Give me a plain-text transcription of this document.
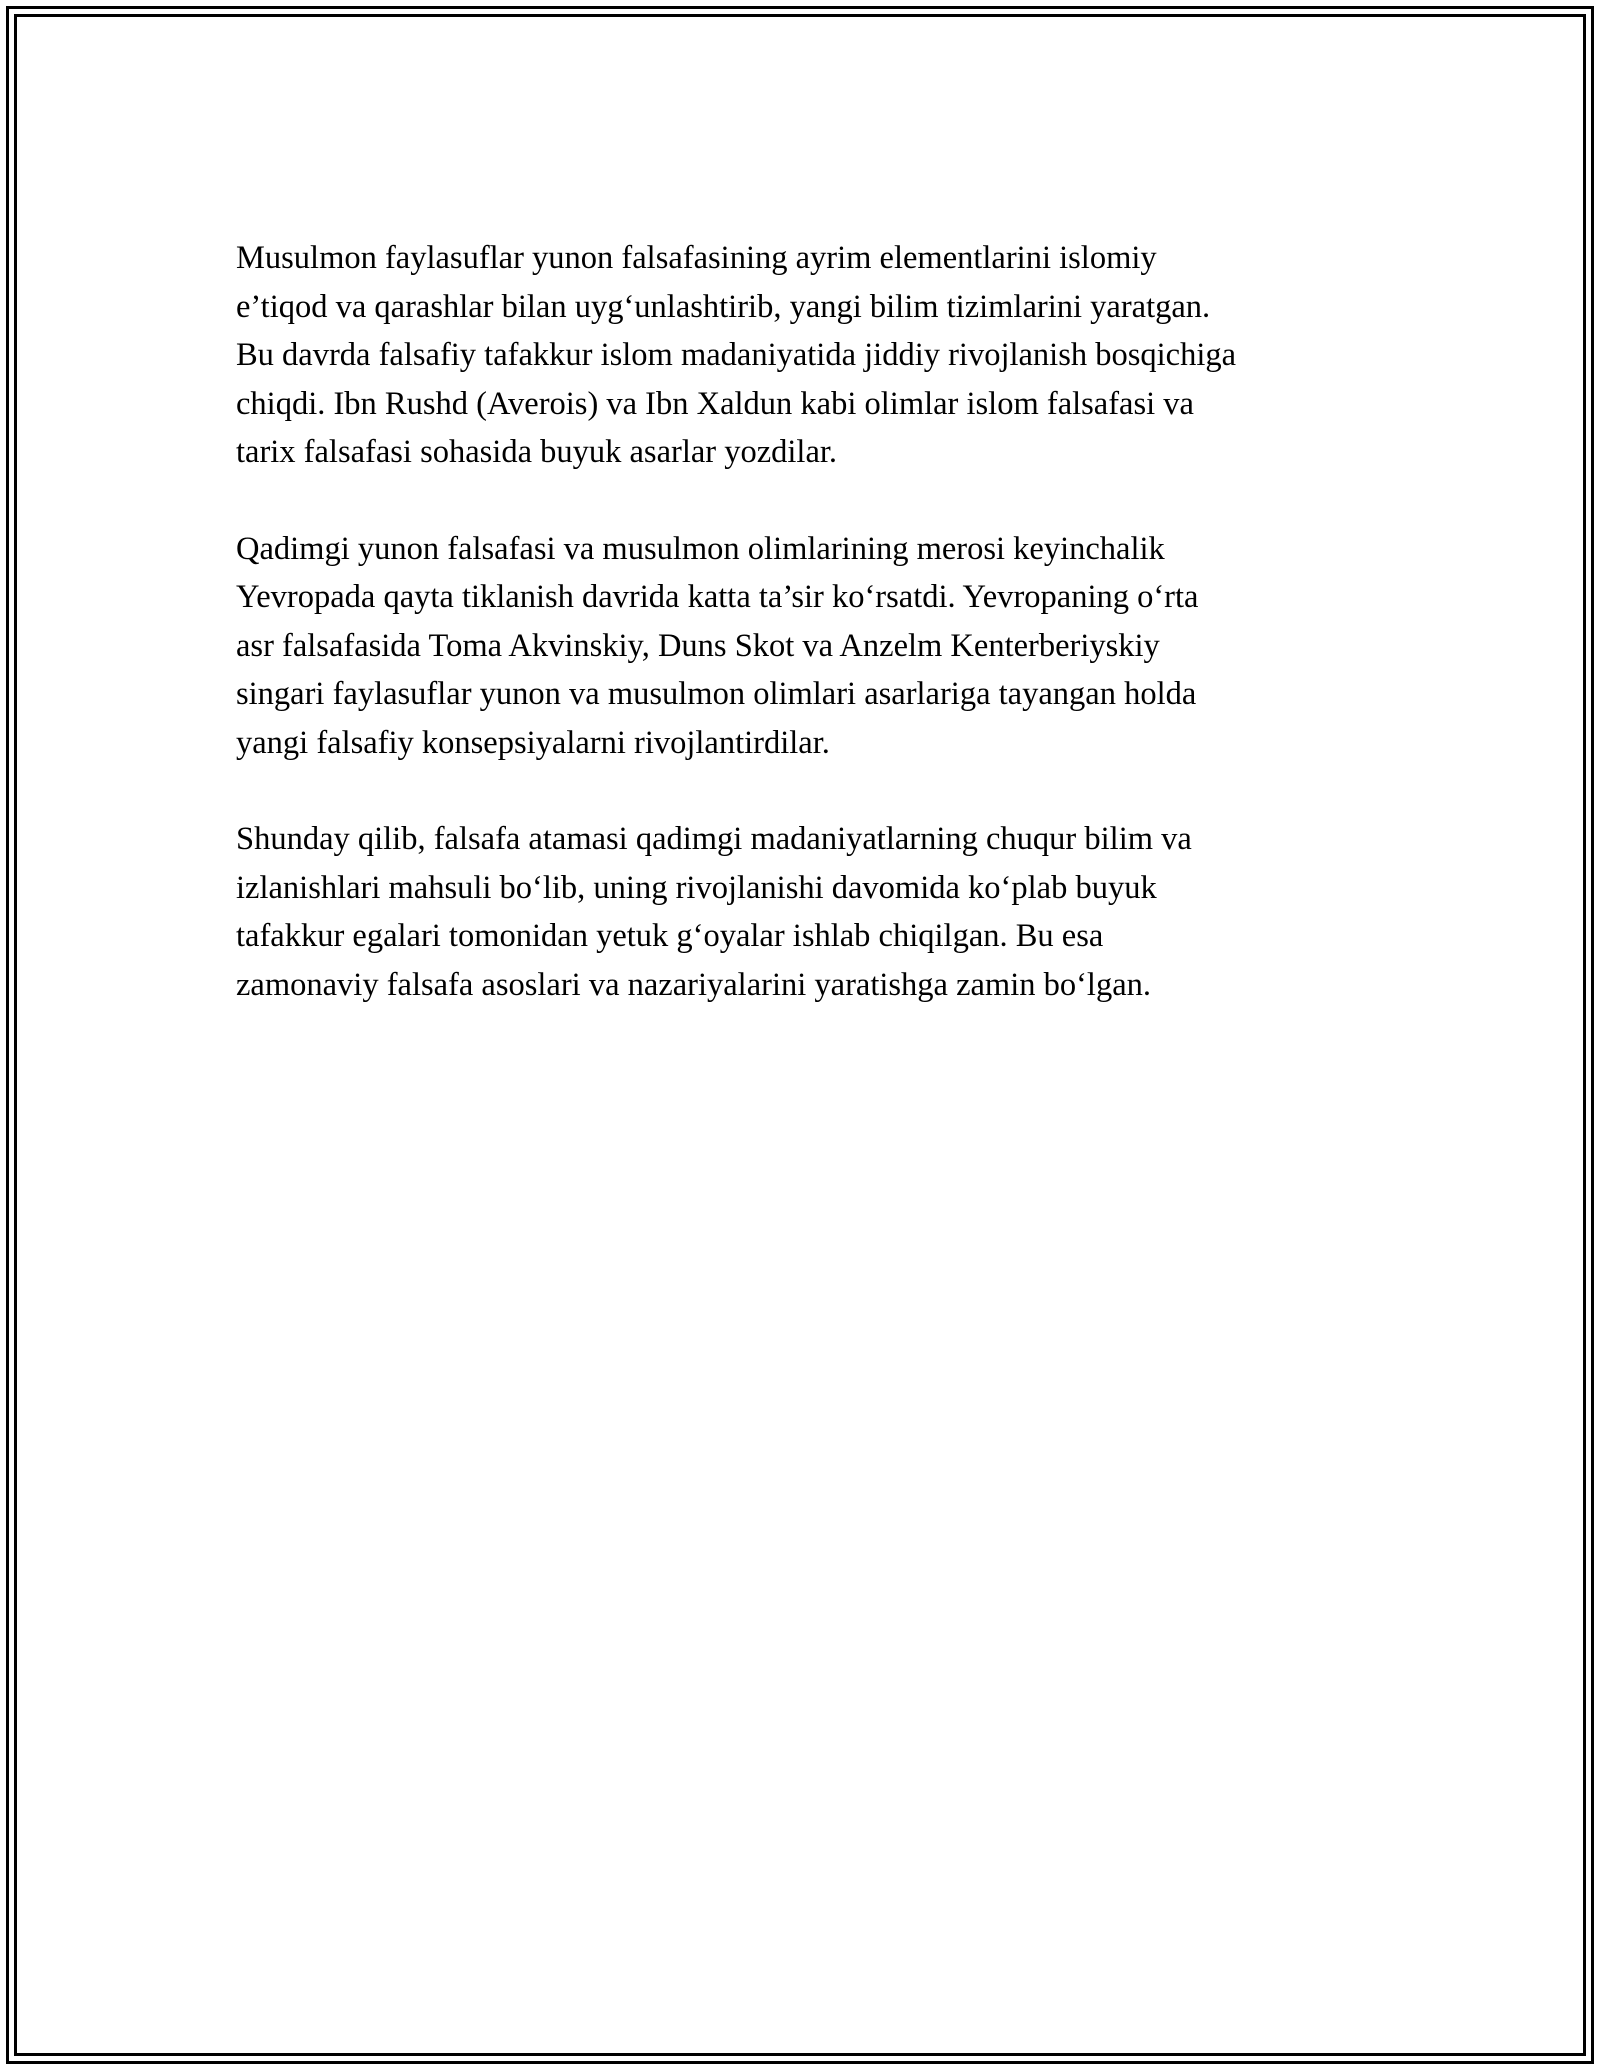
Musulmon faylasuflar yunon falsafasining ayrim elementlarini islomiy
e’tiqod va qarashlar bilan uyg‘unlashtirib, yangi bilim tizimlarini yaratgan.
Bu davrda falsafiy tafakkur islom madaniyatida jiddiy rivojlanish bosqichiga
chiqdi. Ibn Rushd (Averois) va Ibn Xaldun kabi olimlar islom falsafasi va
tarix falsafasi sohasida buyuk asarlar yozdilar.

Qadimgi yunon falsafasi va musulmon olimlarining merosi keyinchalik
Yevropada qayta tiklanish davrida katta ta’sir ko‘rsatdi. Yevropaning o‘rta
asr falsafasida Toma Akvinskiy, Duns Skot va Anzelm Kenterberiyskiy
singari faylasuflar yunon va musulmon olimlari asarlariga tayangan holda
yangi falsafiy konsepsiyalarni rivojlantirdilar.

Shunday qilib, falsafa atamasi qadimgi madaniyatlarning chuqur bilim va
izlanishlari mahsuli bo‘lib, uning rivojlanishi davomida ko‘plab buyuk
tafakkur egalari tomonidan yetuk g‘oyalar ishlab chiqilgan. Bu esa
zamonaviy falsafa asoslari va nazariyalarini yaratishga zamin bo‘lgan.
